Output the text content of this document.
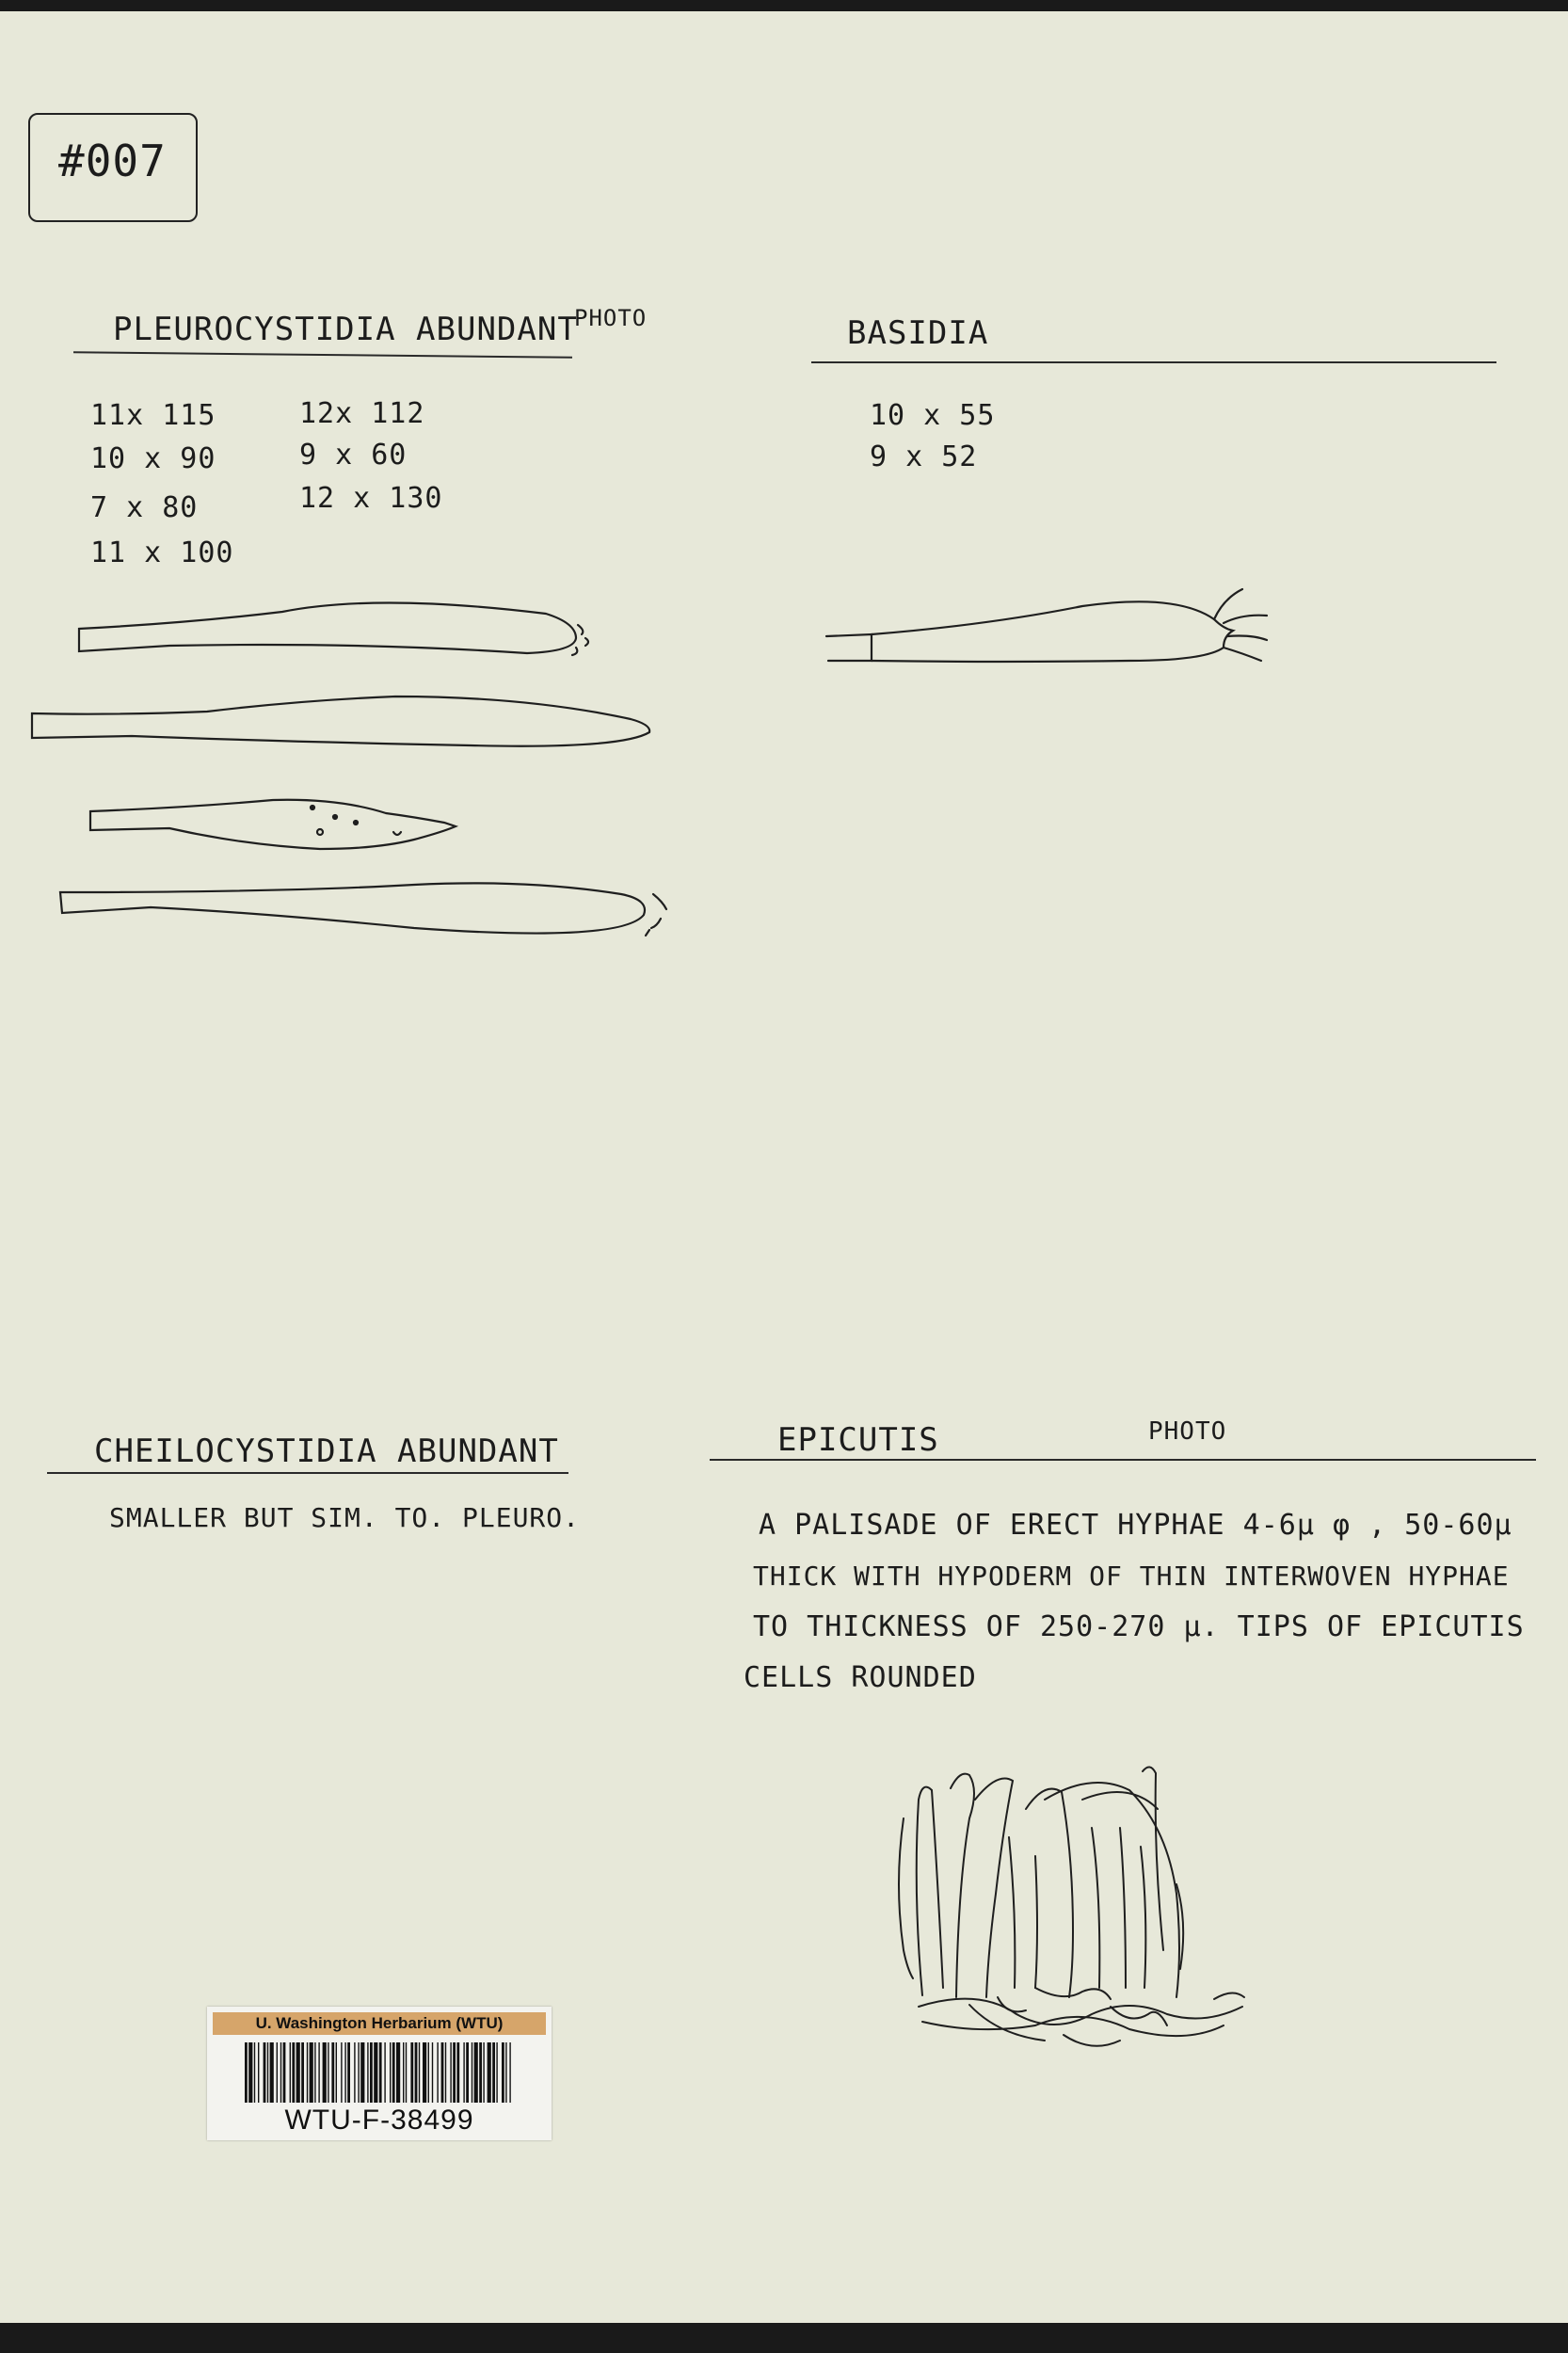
#007
PLEUROCYSTIDIA ABUNDANT
PHOTO
11x 115
10 x 90
7 x 80
11 x 100
12x 112
9 x 60
12 x 130
BASIDIA
10 x 55
9 x 52
CHEILOCYSTIDIA ABUNDANT
SMALLER BUT SIM. TO. PLEURO.
EPICUTIS	PHOTO
A PALISADE OF ERECT HYPHAE 4-6µ φ , 50-60µ
THICK WITH HYPODERM OF THIN INTERWOVEN HYPHAE
TO THICKNESS OF 250-270 µ. TIPS OF EPICUTIS
CELLS ROUNDED
U. Washington Herbarium (WTU)
WTU-F-38499
